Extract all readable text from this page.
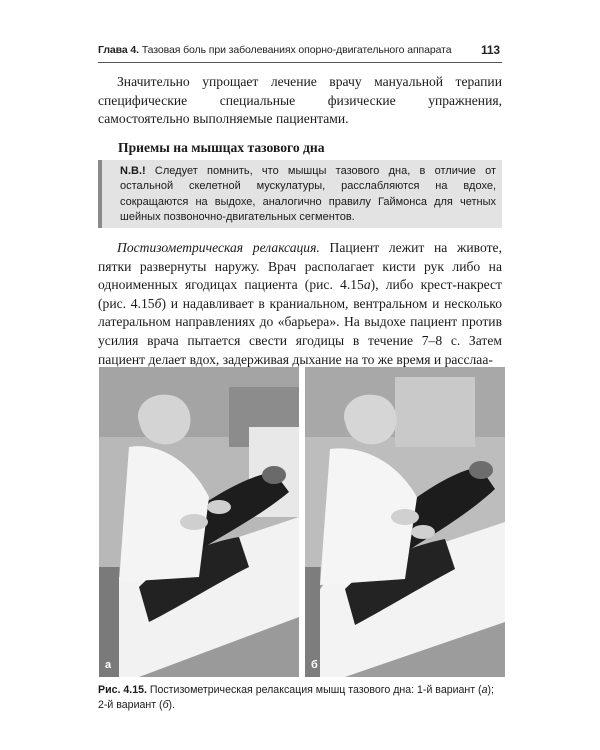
Глава 4. Тазовая боль при заболеваниях опорно-двигательного аппарата 113

Значительно упрощает лечение врачу мануальной терапии специфические специальные физические упражнения, самостоятельно выполняемые пациентами.

Приемы на мышцах тазового дна
N.B.! Следует помнить, что мышцы тазового дна, в отличие от остальной скелетной мускулатуры, расслабляются на вдохе, сокращаются на выдохе, аналогично правилу Гаймонса для четных шейных позвоночно-двигательных сегментов.

Постизометрическая релаксация. Пациент лежит на животе, пятки развернуты наружу. Врач располагает кисти рук либо на одноименных ягодицах пациента (рис. 4.15а), либо крест-накрест (рис. 4.15б) и надавливает в краниальном, вентральном и несколько латеральном направлениях до «барьера». На выдохе пациент против усилия врача пытается свести ягодицы в течение 7–8 с. Затем пациент делает вдох, задерживая дыхание на то же время и расслаа-

а	б
Рис. 4.15. Постизометрическая релаксация мышц тазового дна: 1-й вариант (а); 2-й вариант (б).
